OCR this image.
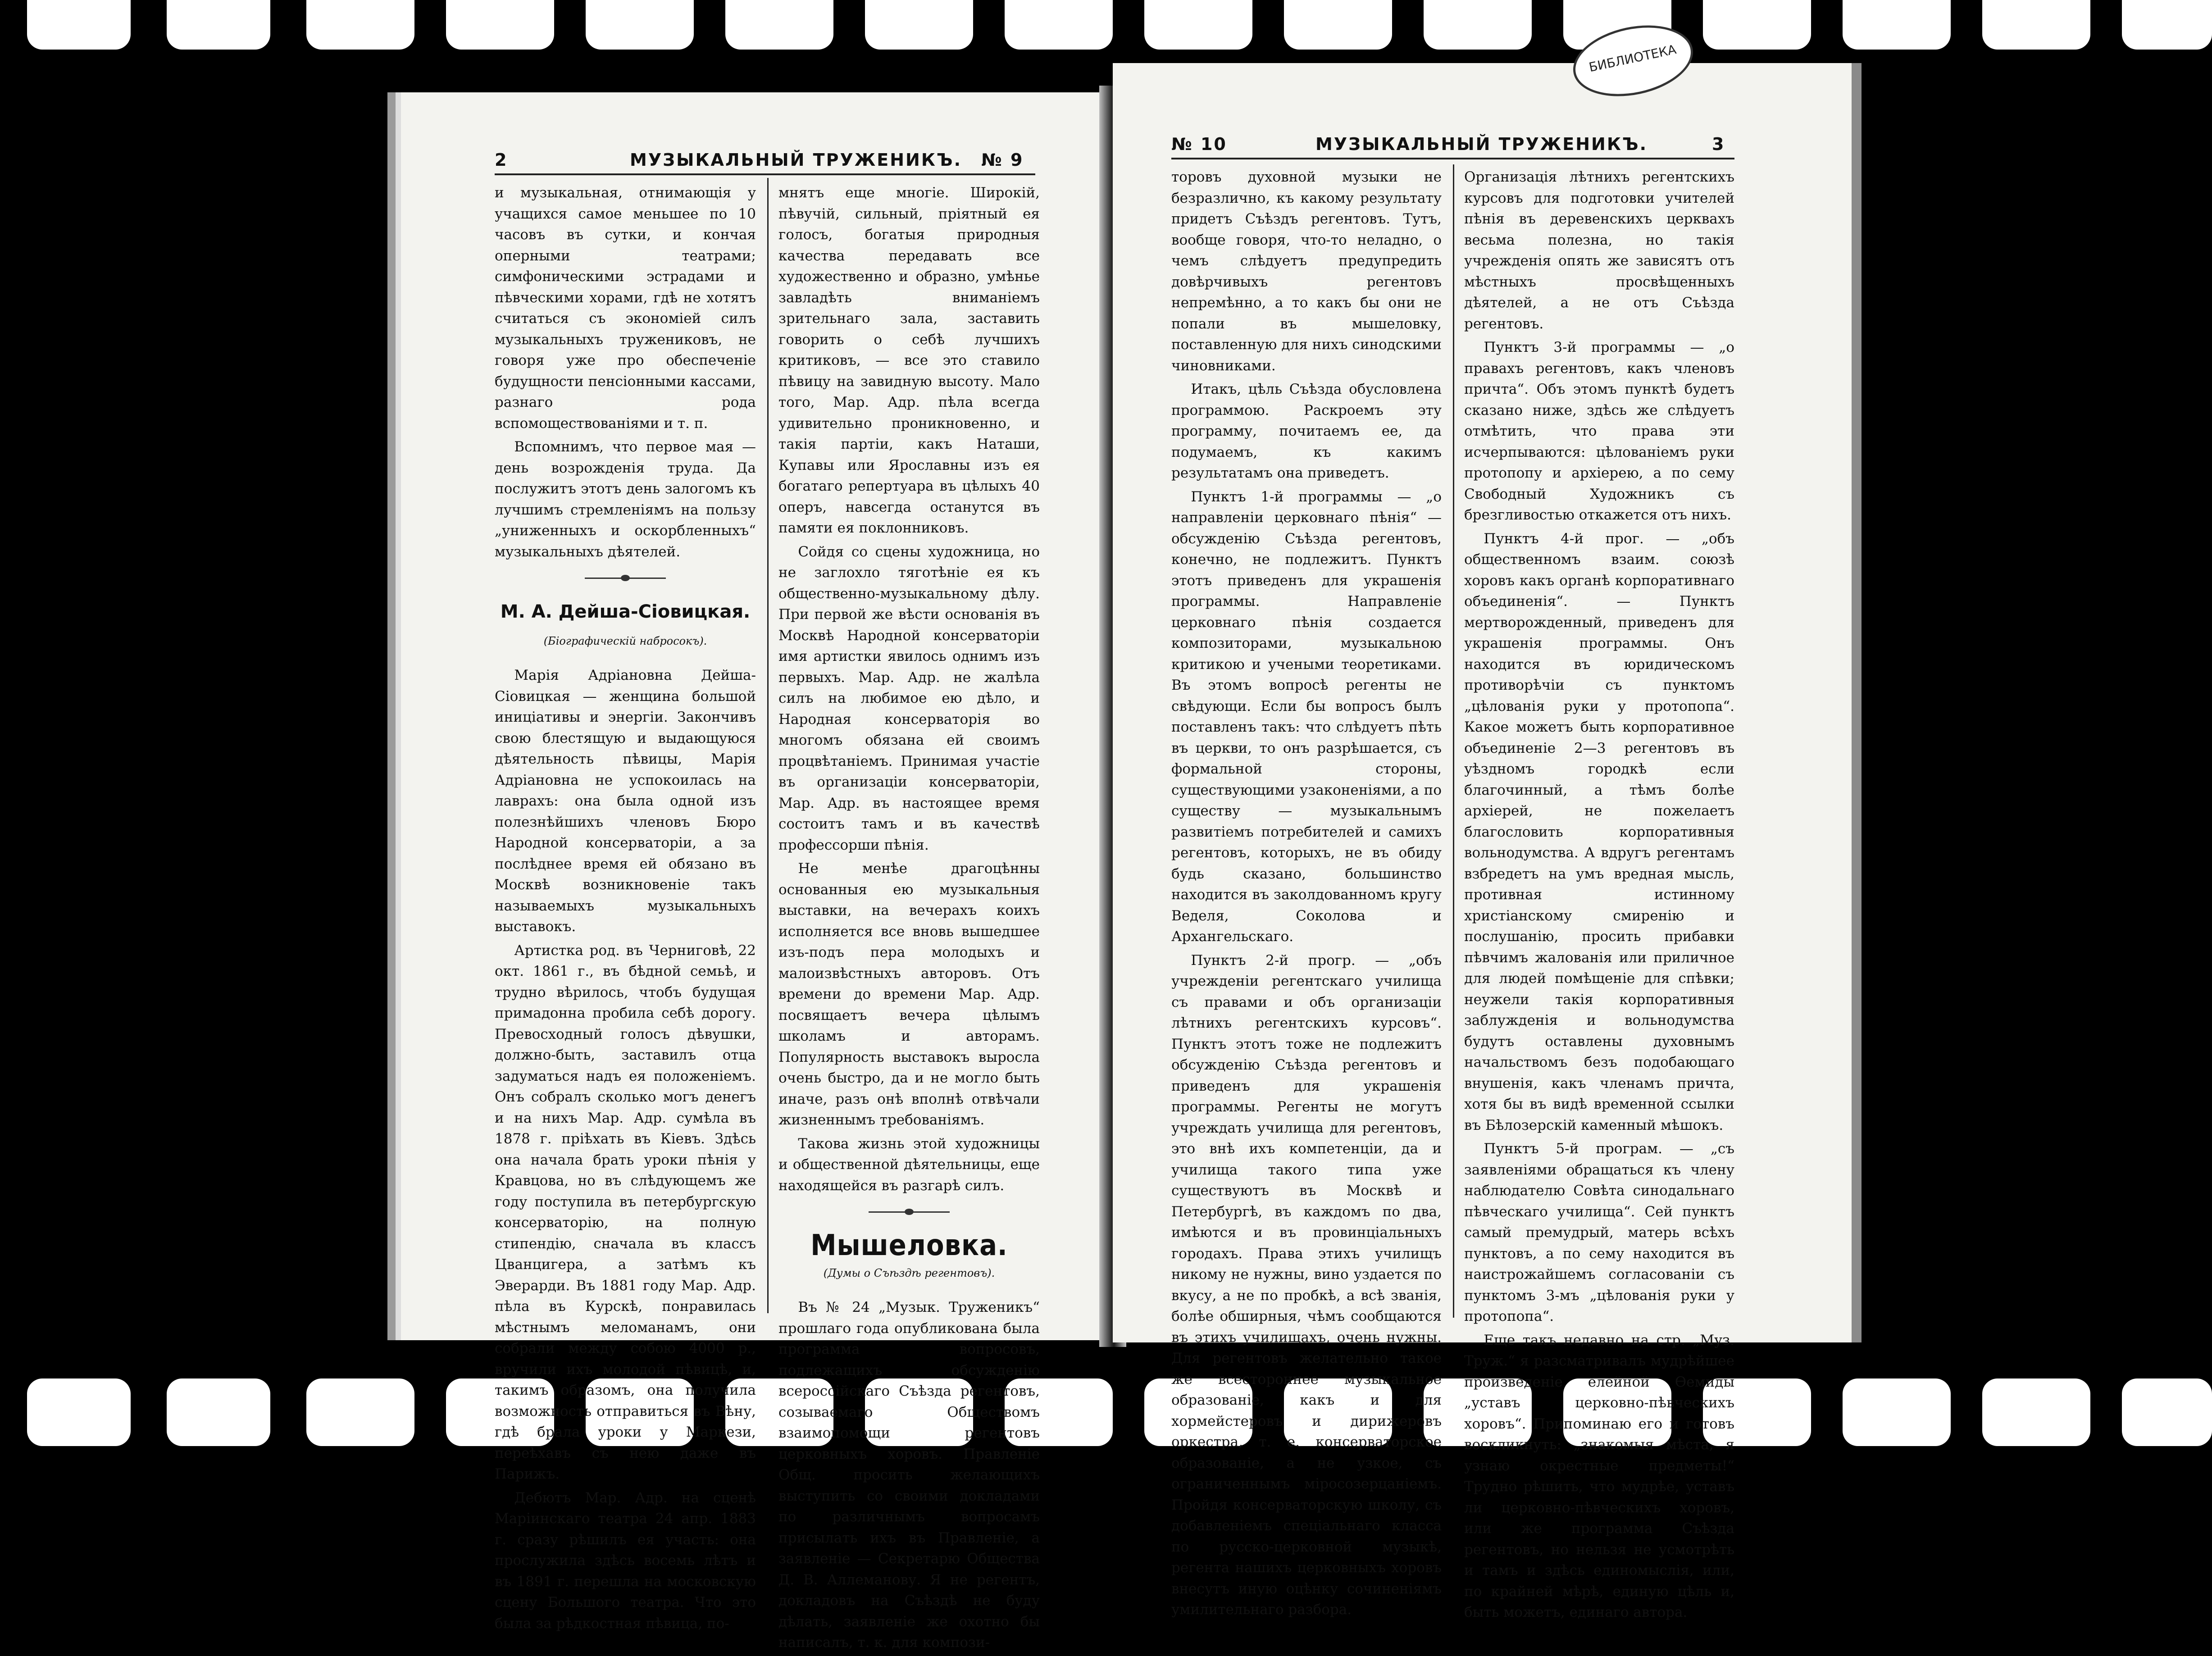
2	МУЗЫКАЛЬНЫЙ ТРУЖЕНИКЪ. № 9

и музыкальная, отнимающія у учащихся самое меньшее по 10 часовъ въ сутки, и кончая оперными театрами; симфоническими эстрадами и пѣвческими хорами, гдѣ не хотятъ считаться съ экономіей силъ музыкальныхъ тружениковъ, не говоря уже про обеспеченіе будущности пенсіонными кассами, разнаго рода вспомоществованіями и т. п.

Вспомнимъ, что первое мая — день возрожденія труда. Да послужитъ этотъ день залогомъ къ лучшимъ стремленіямъ на пользу „униженныхъ и оскорбленныхъ“ музыкальныхъ дѣятелей.

М. А. Дейша-Сіовицкая.
(Біографическій набросокъ).

Марія Адріановна Дейша-Сіовицкая — женщина большой иниціативы и энергіи. Закончивъ свою блестящую и выдающуюся дѣятельность пѣвицы, Марія Адріановна не успокоилась на лаврахъ: она была одной изъ полезнѣйшихъ членовъ Бюро Народной консерваторіи, а за послѣднее время ей обязано въ Москвѣ возникновеніе такъ называемыхъ музыкальныхъ выставокъ.

Артистка род. въ Черниговѣ, 22 окт. 1861 г., въ бѣдной семьѣ, и трудно вѣрилось, чтобъ будущая примадонна пробила себѣ дорогу. Превосходный голосъ дѣвушки, должно-быть, заставилъ отца задуматься надъ ея положеніемъ. Онъ собралъ сколько могъ денегъ и на нихъ Мар. Адр. сумѣла въ 1878 г. пріѣхать въ Кіевъ. Здѣсь она начала брать уроки пѣнія у Кравцова, но въ слѣдующемъ же году поступила въ петербургскую консерваторію, на полную стипендію, сначала въ классъ Цванцигера, а затѣмъ къ Эверарди. Въ 1881 году Мар. Адр. пѣла въ Курскѣ, понравилась мѣстнымъ меломанамъ, они собрали между собою 4000 р., вручили ихъ молодой пѣвицѣ, и, такимъ образомъ, она получила возможность отправиться въ Вѣну, гдѣ брала уроки у Маркези, переѣхавъ съ нею даже въ Парижъ.

Дебютъ Мар. Адр. на сценѣ Маріинскаго театра 24 апр. 1883 г. сразу рѣшилъ ея участь: она прослужила здѣсь восемь лѣтъ и въ 1891 г. перешла на московскую сцену Большого театра. Что это была за рѣдкостная пѣвица, по-

мнятъ еще многіе. Широкій, пѣвучій, сильный, пріятный ея голосъ, богатыя природныя качества передавать все художественно и образно, умѣнье завладѣть вниманіемъ зрительнаго зала, заставить говорить о себѣ лучшихъ критиковъ, — все это ставило пѣвицу на завидную высоту. Мало того, Мар. Адр. пѣла всегда удивительно проникновенно, и такія партіи, какъ Наташи, Купавы или Ярославны изъ ея богатаго репертуара въ цѣлыхъ 40 оперъ, навсегда останутся въ памяти ея поклонниковъ.

Сойдя со сцены художница, но не заглохло тяготѣніе ея къ общественно-музыкальному дѣлу. При первой же вѣсти основанія въ Москвѣ Народной консерваторіи имя артистки явилось однимъ изъ первыхъ. Мар. Адр. не жалѣла силъ на любимое ею дѣло, и Народная консерваторія во многомъ обязана ей своимъ процвѣтаніемъ. Принимая участіе въ организаціи консерваторіи, Мар. Адр. въ настоящее время состоитъ тамъ и въ качествѣ профессорши пѣнія.

Не менѣе драгоцѣнны основанныя ею музыкальныя выставки, на вечерахъ коихъ исполняется все вновь вышедшее изъ-подъ пера молодыхъ и малоизвѣстныхъ авторовъ. Отъ времени до времени Мар. Адр. посвящаетъ вечера цѣлымъ школамъ и авторамъ. Популярность выставокъ выросла очень быстро, да и не могло быть иначе, разъ онѣ вполнѣ отвѣчали жизненнымъ требованіямъ.

Такова жизнь этой художницы и общественной дѣятельницы, еще находящейся въ разгарѣ силъ.

Мышеловка.
(Думы о Съѣздѣ регентовъ).

Въ № 24 „Музык. Труженикъ“ прошлаго года опубликована была программа вопросовъ, подлежащихъ обсужденію всероссійскаго Съѣзда регентовъ, созываемаго Обществомъ взаимопомощи регентовъ церковныхъ хоровъ. Правленіе Общ. просить желающихъ выступить со своими докладами по различнымъ вопросамъ присылать ихъ въ Правленіе, а заявленіе — Секретарю Общества Д. В. Аллеманову. Я не регентъ, докладовъ на Съѣздѣ не буду дѣлать, заявленіе же охотно бы написалъ, т. к. для компози-

№ 10	МУЗЫКАЛЬНЫЙ ТРУЖЕНИКЪ.	3

торовъ духовной музыки не безразлично, къ какому результату придетъ Съѣздъ регентовъ. Тутъ, вообще говоря, что-то неладно, о чемъ слѣдуетъ предупредить довѣрчивыхъ регентовъ непремѣнно, а то какъ бы они не попали въ мышеловку, поставленную для нихъ синодскими чиновниками.

Итакъ, цѣль Съѣзда обусловлена программою. Раскроемъ эту программу, почитаемъ ее, да подумаемъ, къ какимъ результатамъ она приведетъ.

Пунктъ 1-й программы — „о направленіи церковнаго пѣнія“ — обсужденію Съѣзда регентовъ, конечно, не подлежитъ. Пунктъ этотъ приведенъ для украшенія программы. Направленіе церковнаго пѣнія создается композиторами, музыкальною критикою и учеными теоретиками. Въ этомъ вопросѣ регенты не свѣдующи. Если бы вопросъ былъ поставленъ такъ: что слѣдуетъ пѣть въ церкви, то онъ разрѣшается, съ формальной стороны, существующими узаконеніями, а по существу — музыкальнымъ развитіемъ потребителей и самихъ регентовъ, которыхъ, не въ обиду будь сказано, большинство находится въ заколдованномъ кругу Веделя, Соколова и Архангельскаго.

Пунктъ 2-й прогр. — „объ учрежденіи регентскаго училища съ правами и объ организаціи лѣтнихъ регентскихъ курсовъ“. Пунктъ этотъ тоже не подлежитъ обсужденію Съѣзда регентовъ и приведенъ для украшенія программы. Регенты не могутъ учреждать училища для регентовъ, это внѣ ихъ компетенціи, да и училища такого типа уже существуютъ въ Москвѣ и Петербургѣ, въ каждомъ по два, имѣются и въ провинціальныхъ городахъ. Права этихъ училищъ никому не нужны, вино уздается по вкусу, а не по пробкѣ, а всѣ званія, болѣе обширныя, чѣмъ сообщаются въ этихъ училищахъ, очень нужны. Для регентовъ желательно такое же всестороннее музыкальное образованіе, какъ и для хормейстеровъ и дирижеровъ оркестра, т. е. консерваторское образованіе, а не узкое, съ ограниченнымъ міросозерцаніемъ. Пройдя консерваторскую школу, съ добавленіемъ спеціальнаго класса по русско-церковной музыкѣ, регента нашихъ церковныхъ хоровъ внесутъ иную оцѣнку сочиненіямъ умилительнаго разбора.

Организація лѣтнихъ регентскихъ курсовъ для подготовки учителей пѣнія въ деревенскихъ церквахъ весьма полезна, но такія учрежденія опять же зависятъ отъ мѣстныхъ просвѣщенныхъ дѣятелей, а не отъ Съѣзда регентовъ.

Пунктъ 3-й программы — „о правахъ регентовъ, какъ членовъ причта“. Объ этомъ пунктѣ будетъ сказано ниже, здѣсь же слѣдуетъ отмѣтить, что права эти исчерпываются: цѣлованіемъ руки протопопу и архіерею, а по сему Свободный Художникъ съ брезгливостью откажется отъ нихъ.

Пунктъ 4-й прог. — „объ общественномъ взаим. союзѣ хоровъ какъ органѣ корпоративнаго объединенія“. — Пунктъ мертворожденный, приведенъ для украшенія программы. Онъ находится въ юридическомъ противорѣчіи съ пунктомъ „цѣлованія руки у протопопа“. Какое можетъ быть корпоративное объединеніе 2—3 регентовъ въ уѣздномъ городкѣ если благочинный, а тѣмъ болѣе архіерей, не пожелаетъ благословить корпоративныя вольнодумства. А вдругъ регентамъ взбредетъ на умъ вредная мысль, противная истинному христіанскому смиренію и послушанію, просить прибавки пѣвчимъ жалованія или приличное для людей помѣщеніе для спѣвки; неужели такія корпоративныя заблужденія и вольнодумства будутъ оставлены духовнымъ начальствомъ безъ подобающаго внушенія, какъ членамъ причта, хотя бы въ видѣ временной ссылки въ Бѣлозерскій каменный мѣшокъ.

Пунктъ 5-й програм. — „съ заявленіями обращаться къ члену наблюдателю Совѣта синодальнаго пѣвческаго училища“. Сей пунктъ самый премудрый, матерь всѣхъ пунктовъ, а по сему находится въ наистрожайшемъ согласованіи съ пунктомъ 3-мъ „цѣлованія руки у протопопа“.

Еще такъ недавно на стр. „Муз. Труж.“ я разсматривалъ мудрѣйшее произведеніе елейной Ѳемиды „уставъ церковно-пѣвческихъ хоровъ“. Припоминаю его и готовъ воскликнуть: „знакомыя мѣста, я узнаю окрестные предметы!“ Трудно рѣшить, что мудрѣе, уставъ ли церковно-пѣвческихъ хоровъ, или же программа Съѣзда регентовъ, но нельзя не усмотрѣть и тамъ и здѣсь единомыслія, или, по крайней мѣрѣ, единую цѣль и, быть можетъ, единаго автора.

БИБЛИОТЕКА
